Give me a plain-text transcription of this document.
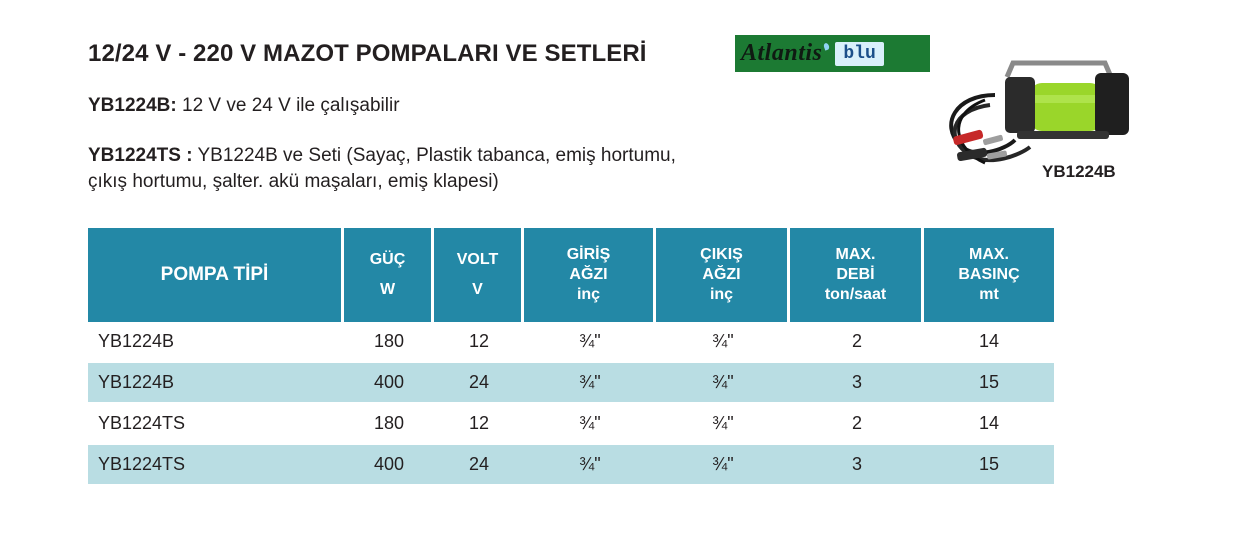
12/24 V - 220 V MAZOT POMPALARI VE SETLERİ	Atlantis	blu
YB1224B: 12 V ve 24 V ile çalışabilir
YB1224TS : YB1224B ve Seti (Sayaç, Plastik tabanca, emiş hortumu,
çıkış hortumu, şalter. akü maşaları, emiş klapesi)	YB1224B
POMPA TİPİ	GÜÇ
W	VOLT
V	GİRİŞ
AĞZI
inç	ÇIKIŞ
AĞZI
inç	MAX.
DEBİ
ton/saat	MAX.
BASINÇ
mt

YB1224B	180	12	¾"	¾"	2	14
YB1224B	400	24	¾"	¾"	3	15
YB1224TS	180	12	¾"	¾"	2	14
YB1224TS	400	24	¾"	¾"	3	15
